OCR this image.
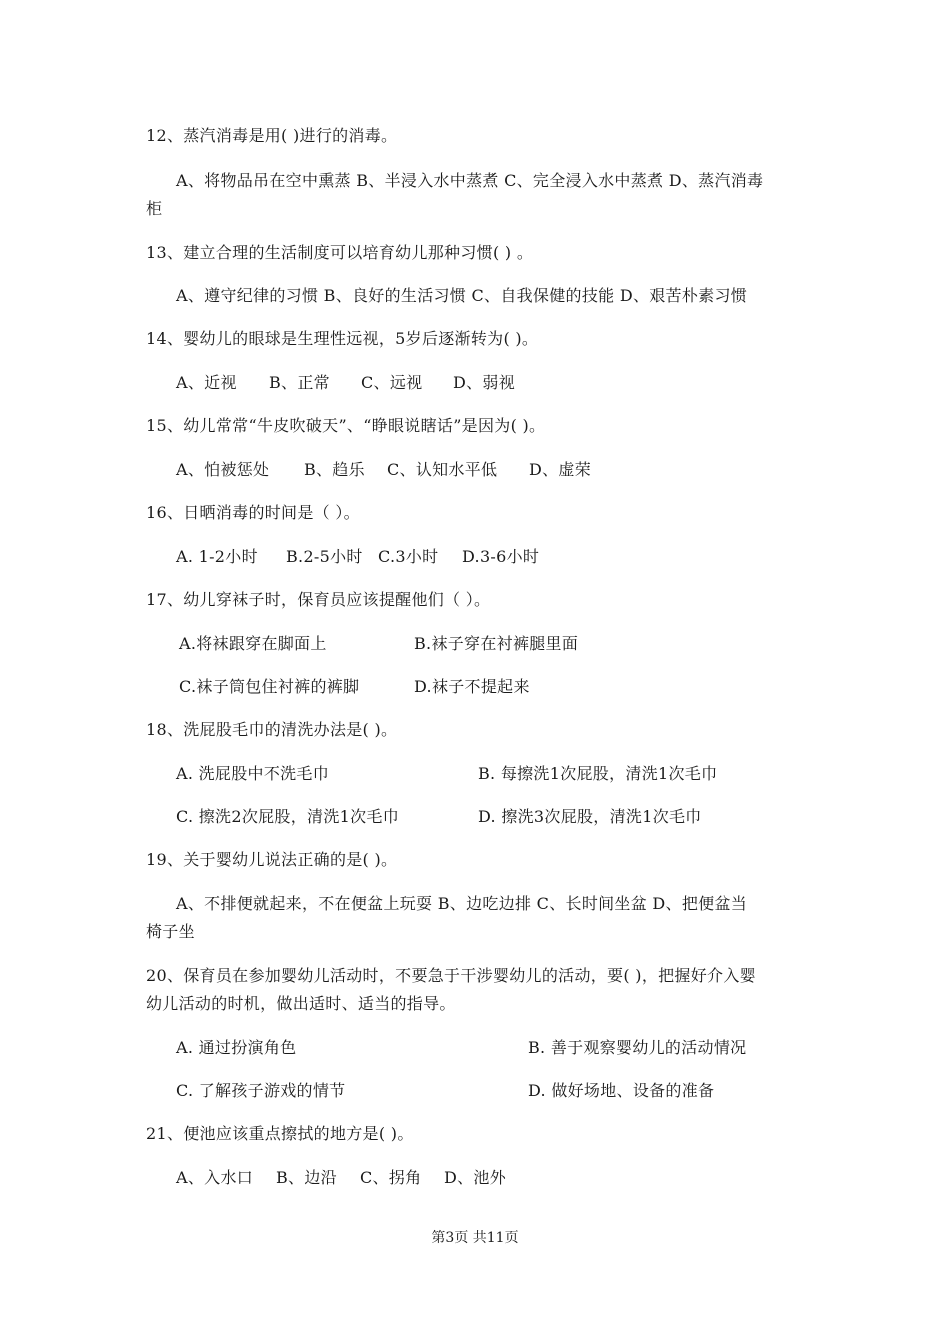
12、蒸汽消毒是用( )进行的消毒。
A、将物品吊在空中熏蒸 B、半浸入水中蒸煮 C、完全浸入水中蒸煮 D、蒸汽消毒
柜
13、建立合理的生活制度可以培育幼儿那种习惯( ) 。
A、遵守纪律的习惯 B、良好的生活习惯 C、自我保健的技能 D、艰苦朴素习惯
14、婴幼儿的眼球是生理性远视，5岁后逐渐转为( )。
A、近视 B、正常 C、远视 D、弱视
15、幼儿常常“牛皮吹破天”、“睁眼说瞎话”是因为( )。
A、怕被惩处 B、趋乐 C、认知水平低 D、虚荣
16、日晒消毒的时间是（ ）。
A. 1-2小时 B.2-5小时 C.3小时 D.3-6小时
17、幼儿穿袜子时，保育员应该提醒他们（ ）。
A.将袜跟穿在脚面上	B.袜子穿在衬裤腿里面
C.袜子筒包住衬裤的裤脚	D.袜子不提起来
18、洗屁股毛巾的清洗办法是( )。
A. 洗屁股中不洗毛巾	B. 每擦洗1次屁股，清洗1次毛巾
C. 擦洗2次屁股，清洗1次毛巾	D. 擦洗3次屁股，清洗1次毛巾
19、关于婴幼儿说法正确的是( )。
A、不排便就起来，不在便盆上玩耍 B、边吃边排 C、长时间坐盆 D、把便盆当
椅子坐
20、保育员在参加婴幼儿活动时，不要急于干涉婴幼儿的活动，要( )，把握好介入婴
幼儿活动的时机，做出适时、适当的指导。
A. 通过扮演角色	B. 善于观察婴幼儿的活动情况
C. 了解孩子游戏的情节	D. 做好场地、设备的准备
21、便池应该重点擦拭的地方是( )。
A、入水口 B、边沿 C、拐角 D、池外
第3页 共11页
